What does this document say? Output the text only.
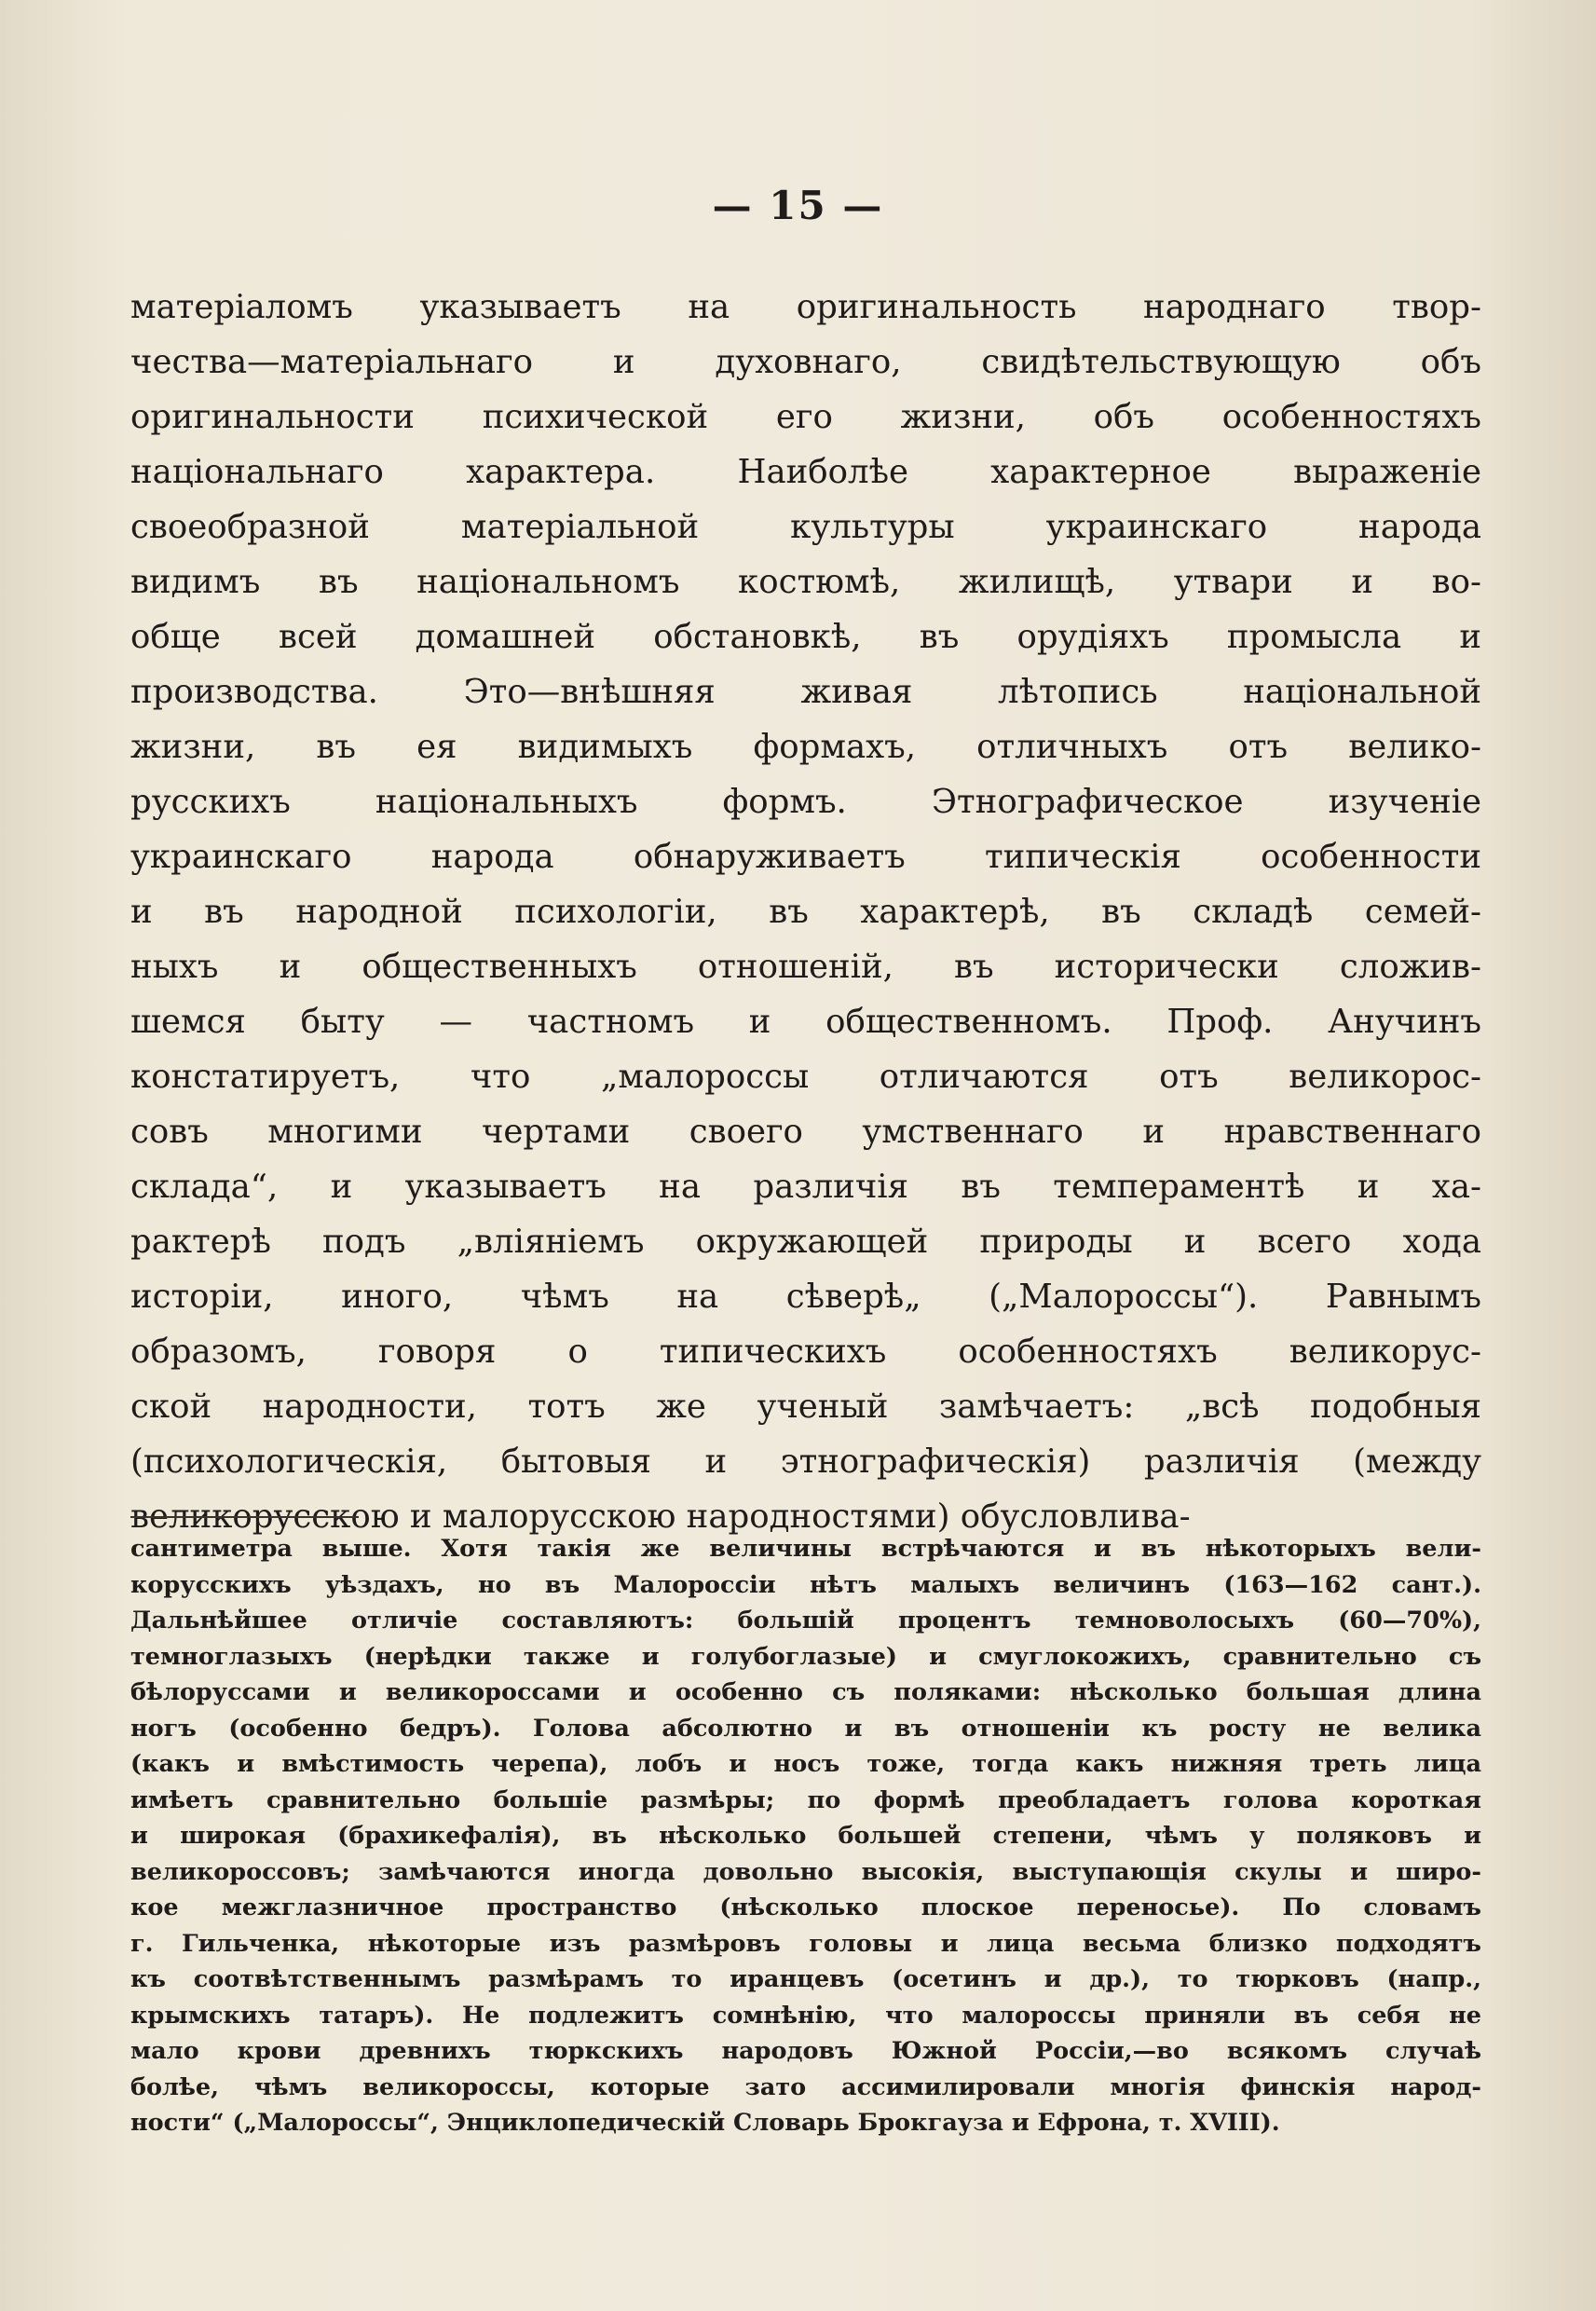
— 15 —
матеріаломъ указываетъ на оригинальность народнаго твор-
чества—матеріальнаго и духовнаго, свидѣтельствующую объ
оригинальности психической его жизни, объ особенностяхъ
національнаго характера. Наиболѣе характерное выраженіе
своеобразной матеріальной культуры украинскаго народа
видимъ въ національномъ костюмѣ, жилищѣ, утвари и во-
обще всей домашней обстановкѣ, въ орудіяхъ промысла и
производства. Это—внѣшняя живая лѣтопись національной
жизни, въ ея видимыхъ формахъ, отличныхъ отъ велико-
русскихъ національныхъ формъ. Этнографическое изученіе
украинскаго народа обнаруживаетъ типическія особенности
и въ народной психологіи, въ характерѣ, въ складѣ семей-
ныхъ и общественныхъ отношеній, въ исторически сложив-
шемся быту — частномъ и общественномъ. Проф. Анучинъ
констатируетъ, что „малороссы отличаются отъ великорос-
совъ многими чертами своего умственнаго и нравственнаго
склада“, и указываетъ на различія въ темпераментѣ и ха-
рактерѣ подъ „вліяніемъ окружающей природы и всего хода
исторіи, иного, чѣмъ на сѣверѣ„ („Малороссы“). Равнымъ
образомъ, говоря о типическихъ особенностяхъ великорус-
ской народности, тотъ же ученый замѣчаетъ: „всѣ подобныя
(психологическія, бытовыя и этнографическія) различія (между
великорусскою и малорусскою народностями) обусловлива-
сантиметра выше. Хотя такія же величины встрѣчаются и въ нѣкоторыхъ вели-
корусскихъ уѣздахъ, но въ Малороссіи нѣтъ малыхъ величинъ (163—162 сант.).
Дальнѣйшее отличіе составляютъ: большій процентъ темноволосыхъ (60—70%),
темноглазыхъ (нерѣдки также и голубоглазые) и смуглокожихъ, сравнительно съ
бѣлоруссами и великороссами и особенно съ поляками: нѣсколько большая длина
ногъ (особенно бедръ). Голова абсолютно и въ отношеніи къ росту не велика
(какъ и вмѣстимость черепа), лобъ и носъ тоже, тогда какъ нижняя треть лица
имѣетъ сравнительно большіе размѣры; по формѣ преобладаетъ голова короткая
и широкая (брахикефалія), въ нѣсколько большей степени, чѣмъ у поляковъ и
великороссовъ; замѣчаются иногда довольно высокія, выступающія скулы и широ-
кое межглазничное пространство (нѣсколько плоское переносье). По словамъ
г. Гильченка, нѣкоторые изъ размѣровъ головы и лица весьма близко подходятъ
къ соотвѣтственнымъ размѣрамъ то иранцевъ (осетинъ и др.), то тюрковъ (напр.,
крымскихъ татаръ). Не подлежитъ сомнѣнію, что малороссы приняли въ себя не
мало крови древнихъ тюркскихъ народовъ Южной Россіи,—во всякомъ случаѣ
болѣе, чѣмъ великороссы, которые зато ассимилировали многія финскія народ-
ности“ („Малороссы“, Энциклопедическій Словарь Брокгауза и Ефрона, т. XVIII).
